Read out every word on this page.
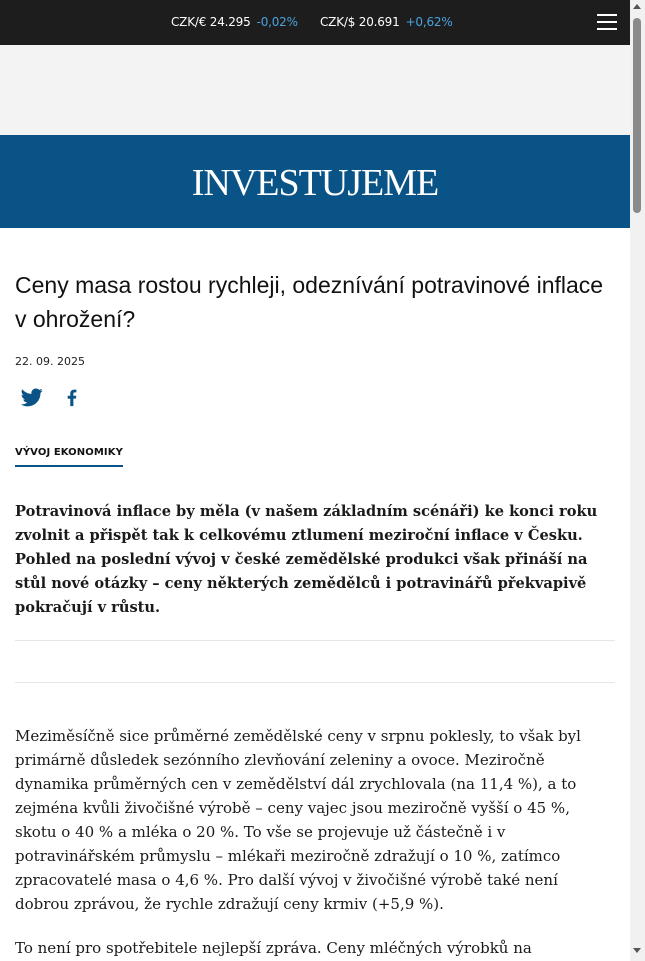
CZK/€ 24.295 -0,02% CZK/$ 20.691 +0,62%
INVESTUJEME
Ceny masa rostou rychleji, odeznívání potravinové inflace v ohrožení?
22. 09. 2025
VÝVOJ EKONOMIKY

Potravinová inflace by měla (v našem základním scénáři) ke konci roku zvolnit a přispět tak k celkovému ztlumení meziroční inflace v Česku. Pohled na poslední vývoj v české zemědělské produkci však přináší na stůl nové otázky – ceny některých zemědělců i potravinářů překvapivě pokračují v růstu.

Meziměsíčně sice průměrné zemědělské ceny v srpnu poklesly, to však byl primárně důsledek sezónního zlevňování zeleniny a ovoce. Meziročně dynamika průměrných cen v zemědělství dál zrychlovala (na 11,4 %), a to zejména kvůli živočišné výrobě – ceny vajec jsou meziročně vyšší o 45 %, skotu o 40 % a mléka o 20 %. To vše se projevuje už částečně i v potravinářském průmyslu – mlékaři meziročně zdražují o 10 %, zatímco zpracovatelé masa o 4,6 %. Pro další vývoj v živočišné výrobě také není dobrou zprávou, že rychle zdražují ceny krmiv (+5,9 %).

To není pro spotřebitele nejlepší zpráva. Ceny mléčných výrobků na
